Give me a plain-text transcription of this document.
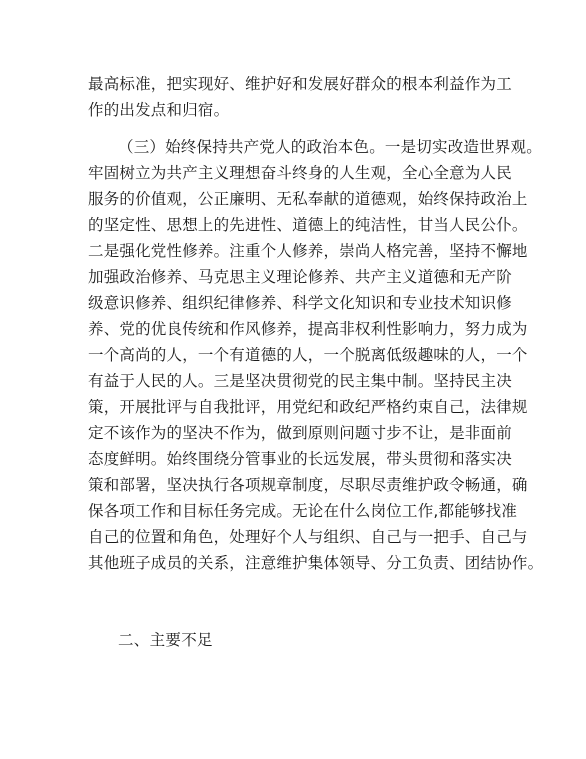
最高标准，把实现好、维护好和发展好群众的根本利益作为工
作的出发点和归宿。
（三）始终保持共产党人的政治本色。一是切实改造世界观。
牢固树立为共产主义理想奋斗终身的人生观，全心全意为人民
服务的价值观，公正廉明、无私奉献的道德观，始终保持政治上
的坚定性、思想上的先进性、道德上的纯洁性，甘当人民公仆。
二是强化党性修养。注重个人修养，崇尚人格完善，坚持不懈地
加强政治修养、马克思主义理论修养、共产主义道德和无产阶
级意识修养、组织纪律修养、科学文化知识和专业技术知识修
养、党的优良传统和作风修养，提高非权利性影响力，努力成为
一个高尚的人，一个有道德的人，一个脱离低级趣味的人，一个
有益于人民的人。三是坚决贯彻党的民主集中制。坚持民主决
策，开展批评与自我批评，用党纪和政纪严格约束自己，法律规
定不该作为的坚决不作为，做到原则问题寸步不让，是非面前
态度鲜明。始终围绕分管事业的长远发展，带头贯彻和落实决
策和部署，坚决执行各项规章制度，尽职尽责维护政令畅通，确
保各项工作和目标任务完成。无论在什么岗位工作,都能够找准
自己的位置和角色，处理好个人与组织、自己与一把手、自己与
其他班子成员的关系，注意维护集体领导、分工负责、团结协作。
二、主要不足
